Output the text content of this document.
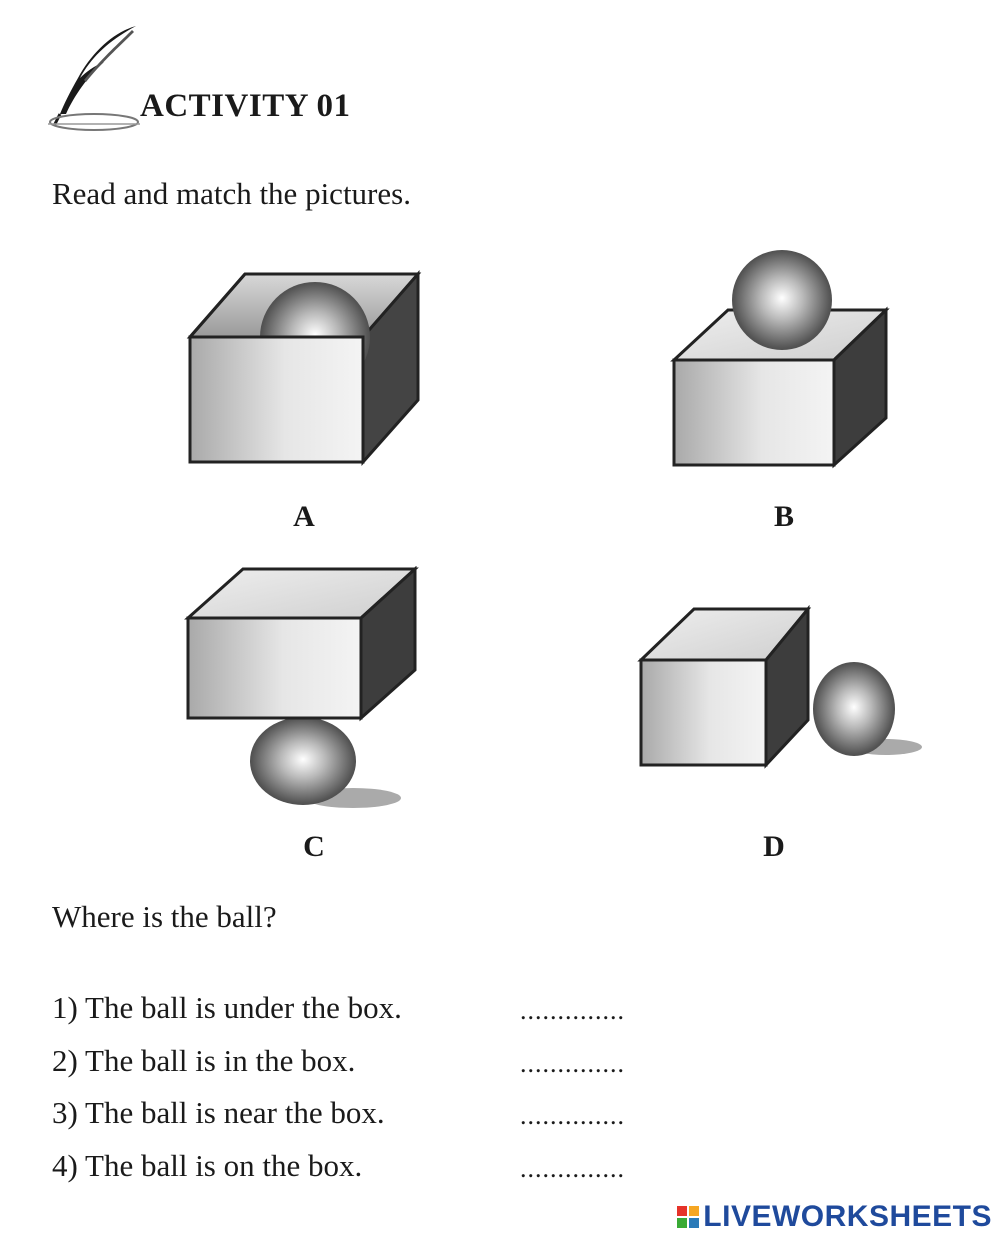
ACTIVITY 01
Read and match the pictures.
A	B
C	D
Where is the ball?
1) The ball is under the box.	..............
2) The ball is in the box.	..............
3) The ball is near the box.	..............
4) The ball is on the box.	..............
LIVEWORKSHEETS
